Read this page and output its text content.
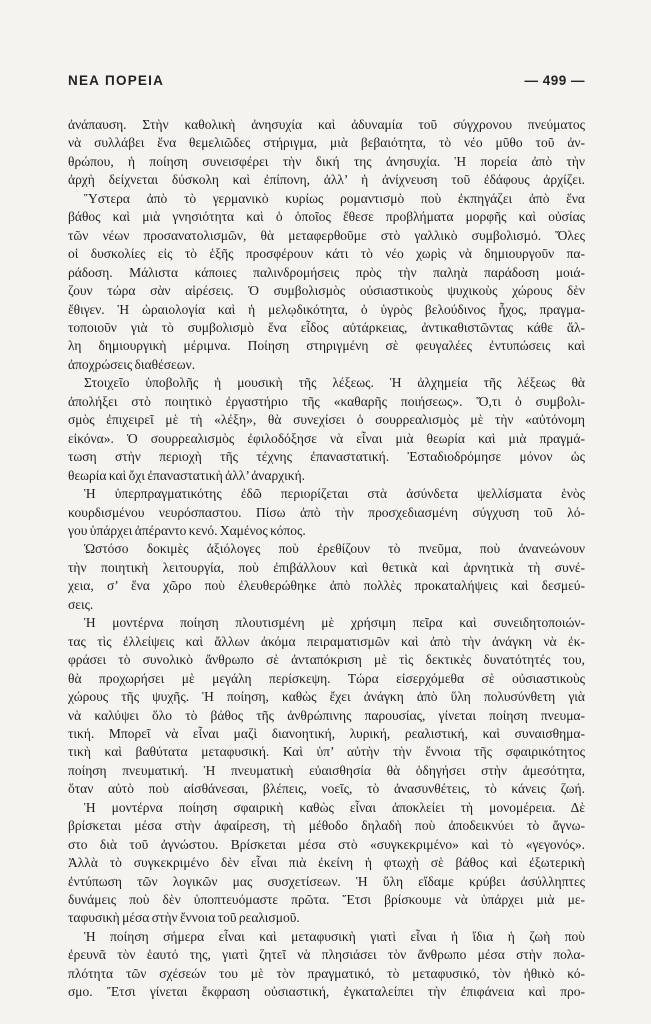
ΝΕΑ ΠΟΡΕΙΑ	— 499 —
ἀνάπαυση. Στὴν καθολικὴ ἀνησυχία καὶ ἀδυναμία τοῦ σύγχρονου πνεύματος
νὰ συλλάβει ἕνα θεμελιῶδες στήριγμα, μιὰ βεβαιότητα, τὸ νέο μῦθο τοῦ ἀν-
θρώπου, ἡ ποίηση συνεισφέρει τὴν δική της ἀνησυχία. Ἡ πορεία ἀπὸ τὴν
ἀρχὴ δείχνεται δύσκολη καὶ ἐπίπονη, ἀλλ’ ἡ ἀνίχνευση τοῦ ἐδάφους ἀρχίζει.
Ὕστερα ἀπὸ τὸ γερμανικὸ κυρίως ρομαντισμὸ ποὺ ἐκπηγάζει ἀπὸ ἕνα
βάθος καὶ μιὰ γνησιότητα καὶ ὁ ὁποῖος ἔθεσε προβλήματα μορφῆς καὶ οὐσίας
τῶν νέων προσανατολισμῶν, θὰ μεταφερθοῦμε στὸ γαλλικὸ συμβολισμό. Ὅλες
οἱ δυσκολίες εἰς τὸ ἑξῆς προσφέρουν κάτι τὸ νέο χωρὶς νὰ δημιουργοῦν πα-
ράδοση. Μάλιστα κάποιες παλινδρομήσεις πρὸς τὴν παληὰ παράδοση μοιά-
ζουν τώρα σὰν αἱρέσεις. Ὁ συμβολισμὸς οὐσιαστικοὺς ψυχικοὺς χώρους δὲν
ἔθιγεν. Ἡ ὡραιολογία καὶ ἡ μελῳδικότητα, ὁ ὑγρὸς βελούδινος ἦχος, πραγμα-
τοποιοῦν γιὰ τὸ συμβολισμὸ ἕνα εἶδος αὐτάρκειας, ἀντικαθιστῶντας κάθε ἄλ-
λη δημιουργικὴ μέριμνα. Ποίηση στηριγμένη σὲ φευγαλέες ἐντυπώσεις καὶ
ἀποχρώσεις διαθέσεων.
Στοιχεῖο ὑποβολῆς ἡ μουσικὴ τῆς λέξεως. Ἡ ἀλχημεία τῆς λέξεως θὰ
ἀπολήξει στὸ ποιητικὸ ἐργαστήριο τῆς «καθαρῆς ποιήσεως». Ὅ,τι ὁ συμβολι-
σμὸς ἐπιχειρεῖ μὲ τὴ «λέξη», θὰ συνεχίσει ὁ σουρρεαλισμὸς μὲ τὴν «αὐτόνομη
εἰκόνα». Ὁ σουρρεαλισμὸς ἐφιλοδόξησε νὰ εἶναι μιὰ θεωρία καὶ μιὰ πραγμά-
τωση στὴν περιοχὴ τῆς τέχνης ἐπαναστατική. Ἐσταδιοδρόμησε μόνον ὡς
θεωρία καὶ ὄχι ἐπαναστατικὴ ἀλλ’ ἀναρχική.
Ἡ ὑπερπραγματικότης ἐδῶ περιορίζεται στὰ ἀσύνδετα ψελλίσματα ἑνὸς
κουρδισμένου νευρόσπαστου. Πίσω ἀπὸ τὴν προσχεδιασμένη σύγχυση τοῦ λό-
γου ὑπάρχει ἀπέραντο κενό. Χαμένος κόπος.
Ὡστόσο δοκιμὲς ἀξιόλογες ποὺ ἐρεθίζουν τὸ πνεῦμα, ποὺ ἀνανεώνουν
τὴν ποιητικὴ λειτουργία, ποὺ ἐπιβάλλουν καὶ θετικὰ καὶ ἀρνητικὰ τὴ συνέ-
χεια, σ’ ἕνα χῶρο ποὺ ἐλευθερώθηκε ἀπὸ πολλὲς προκαταλήψεις καὶ δεσμεύ-
σεις.
Ἡ μοντέρνα ποίηση πλουτισμένη μὲ χρήσιμη πεῖρα καὶ συνειδητοποιών-
τας τὶς ἐλλείψεις καὶ ἄλλων ἀκόμα πειραματισμῶν καὶ ἀπὸ τὴν ἀνάγκη νὰ ἐκ-
φράσει τὸ συνολικὸ ἄνθρωπο σὲ ἀνταπόκριση μὲ τὶς δεκτικὲς δυνατότητές του,
θὰ προχωρήσει μὲ μεγάλη περίσκεψη. Τώρα εἰσερχόμεθα σὲ οὐσιαστικοὺς
χώρους τῆς ψυχῆς. Ἡ ποίηση, καθὼς ἔχει ἀνάγκη ἀπὸ ὕλη πολυσύνθετη γιὰ
νὰ καλύψει ὅλο τὸ βάθος τῆς ἀνθρώπινης παρουσίας, γίνεται ποίηση πνευμα-
τική. Μπορεῖ νὰ εἶναι μαζὶ διανοητική, λυρική, ρεαλιστική, καὶ συναισθημα-
τικὴ καὶ βαθύτατα μεταφυσική. Καὶ ὑπ’ αὐτὴν τὴν ἔννοια τῆς σφαιρικότητος
ποίηση πνευματική. Ἡ πνευματικὴ εὐαισθησία θὰ ὁδηγήσει στὴν ἀμεσότητα,
ὅταν αὐτὸ ποὺ αἰσθάνεσαι, βλέπεις, νοεῖς, τὸ ἀνασυνθέτεις, τὸ κάνεις ζωή.
Ἡ μοντέρνα ποίηση σφαιρικὴ καθὼς εἶναι ἀποκλείει τὴ μονομέρεια. Δὲ
βρίσκεται μέσα στὴν ἀφαίρεση, τὴ μέθοδο δηλαδὴ ποὺ ἀποδεικνύει τὸ ἄγνω-
στο διὰ τοῦ ἀγνώστου. Βρίσκεται μέσα στὸ «συγκεκριμένο» καὶ τὸ «γεγονός».
Ἀλλὰ τὸ συγκεκριμένο δὲν εἶναι πιὰ ἐκείνη ἡ φτωχὴ σὲ βάθος καὶ ἐξωτερικὴ
ἐντύπωση τῶν λογικῶν μας συσχετίσεων. Ἡ ὕλη εἴδαμε κρύβει ἀσύλληπτες
δυνάμεις ποὺ δὲν ὑποπτευόμαστε πρῶτα. Ἔτσι βρίσκουμε νὰ ὑπάρχει μιὰ με-
ταφυσικὴ μέσα στὴν ἔννοια τοῦ ρεαλισμοῦ.
Ἡ ποίηση σήμερα εἶναι καὶ μεταφυσικὴ γιατὶ εἶναι ἡ ἴδια ἡ ζωὴ ποὺ
ἐρευνᾶ τὸν ἑαυτό της, γιατὶ ζητεῖ νὰ πλησιάσει τὸν ἄνθρωπο μέσα στὴν πολα-
πλότητα τῶν σχέσεών του μὲ τὸν πραγματικό, τὸ μεταφυσικό, τὸν ἠθικὸ κό-
σμο. Ἔτσι γίνεται ἔκφραση οὐσιαστική, ἐγκαταλείπει τὴν ἐπιφάνεια καὶ προ-
